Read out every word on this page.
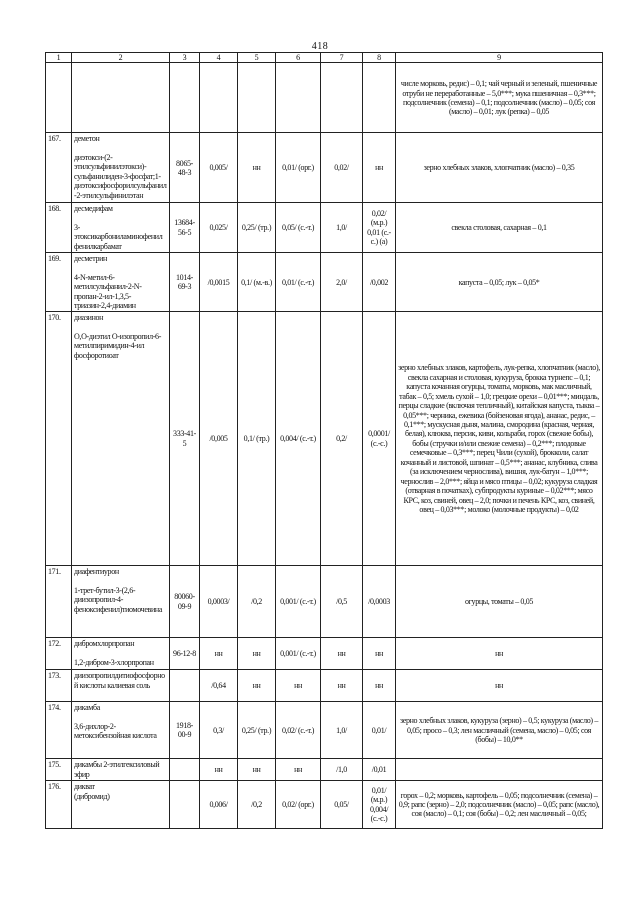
418
1	2	3	4	5	6	7	8	9
								числе морковь, редис) – 0,1; чай черный и зеленый, пшеничные отруби не переработанные – 5,0***; мука пшеничная – 0,3***; подсолнечник (семена) – 0,1; подсолнечник (масло) – 0,05; соя (масло) – 0,01; лук (репка) – 0,05
167.	деметон
диэтокси-(2-этилсульфинилэтокси)-сульфанилиден-3-фосфат;1-диэтоксифосфорилсульфанил-2-этилсульфинилэтан	8065-48-3	0,005/	нн	0,01/ (орг.)	0,02/	нн	зерно хлебных злаков, хлопчатник (масло) – 0,35
168.	десмедифам
3-этоксикарбониламинофенил фенилкарбамат	13684-56-5	0,025/	0,25/ (тр.)	0,05/ (с.-т.)	1,0/	0,02/ (м.р.) 0,01 (с.-с.) (а)	свекла столовая, сахарная – 0,1
169.	десметрин
4-N-метил-6-метилсульфанил-2-N-пропан-2-ил-1,3,5-триазин-2,4-диамин	1014-69-3	/0,0015	0,1/ (м.-в.)	0,01/ (с.-т.)	2,0/	/0,002	капуста – 0,05; лук – 0,05*
170.	диазинон
O,O-диэтил O-изопропил-6-метилпиримидин-4-ил фосфоротиоат	333-41-5	/0,005	0,1/ (тр.)	0,004/ (с.-т.)	0,2/	0,0001/ (с.-с.)	зерно хлебных злаков, картофель, лук-репка, хлопчатник (масло), свекла сахарная и столовая, кукуруза, брокка турнепс – 0,1; капуста кочанная огурцы, томаты, морковь, мак масличный, табак – 0,5; хмель сухой – 1,0; грецкие орехи – 0,01***; миндаль, перцы сладкие (включая тепличный), китайская капуста, тыква – 0,05***; черника, ежевика (бойзеновая ягода), ананас, редис, – 0,1***; мускусная дыня, малина, смородина (красная, черная, белая), клюква, персик, киви, кольраби, горох (свежие бобы), бобы (стручки и/или свежие семена) – 0,2***; плодовые семечковые – 0,3***; перец Чили (сухой), брокколи, салат кочанный и листовой, шпинат – 0,5***; ананас, клубника, слива (за исключением чернослива), вишня, лук-батун – 1,0***; чернослив – 2,0***; яйца и мясо птицы – 0,02; кукуруза сладкая (отварная в початках), субпродукты куриные – 0,02***; мясо КРС, коз, свиней, овец – 2,0; почки и печень КРС, коз, свиней, овец – 0,03***; молоко (молочные продукты) – 0,02
171.	диафентиурон
1-трет-бутил-3-(2,6-диизопропил-4-феноксифенил)тиомочевина	80060-09-9	0,0003/	/0,2	0,001/ (с.-т.)	/0,5	/0,0003	огурцы, томаты – 0,05
172.	дибромхлорпропан
1,2-дибром-3-хлорпропан	96-12-8	нн	нн	0,001/ (с.-т.)	нн	нн	нн
173.	диизопропилдитиофосфорной кислоты калиевая соль		/0,64	нн	нн	нн	нн	нн
174.	дикамба
3,6-дихлор-2-метоксибензойная кислота	1918-00-9	0,3/	0,25/ (тр.)	0,02/ (с.-т.)	1,0/	0,01/	зерно хлебных злаков, кукуруза (зерно) – 0,5; кукуруза (масло) – 0,05; просо – 0,3; лен масличный (семена, масло) – 0,05; соя (бобы) – 10,0**
175.	дикамбы 2-этилгексиловый эфир		нн	нн	нн	/1,0	/0,01	
176.	дикват
(дибромид)		0,006/	/0,2	0,02/ (орг.)	0,05/	0,01/ (м.р.) 0,004/ (с.-с.)	горох – 0,2; морковь, картофель – 0,05; подсолнечник (семена) – 0,9; рапс (зерно) – 2,0; подсолнечник (масло) – 0,05; рапс (масло), соя (масло) – 0,1; соя (бобы) – 0,2; лен масличный – 0,05;
